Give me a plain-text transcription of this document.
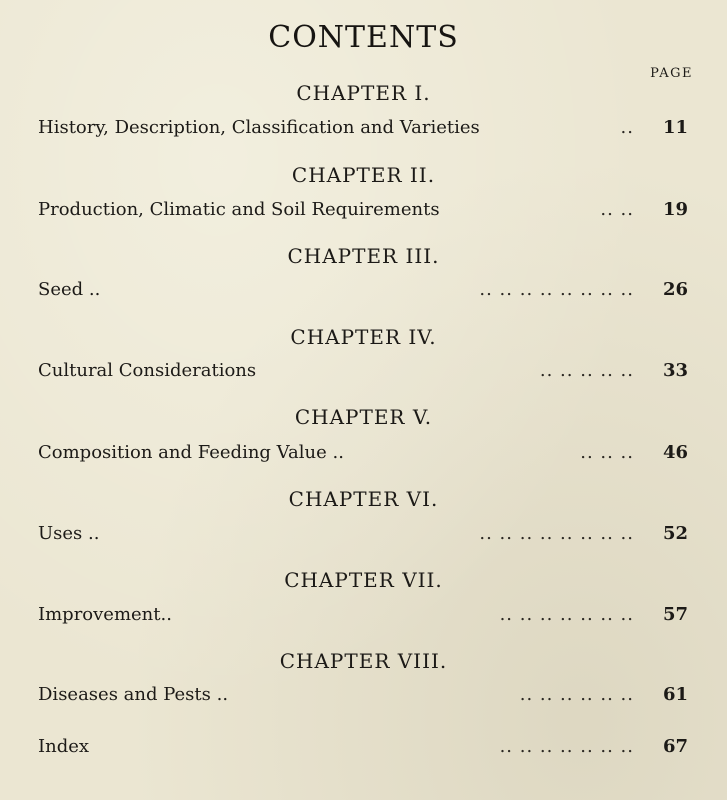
CONTENTS
PAGE
CHAPTER I.
History, Description, Classification and Varieties	.. 11
CHAPTER II.
Production, Climatic and Soil Requirements	.. .. 19
CHAPTER III.
Seed ..	.. .. .. .. .. .. .. .. 26
CHAPTER IV.
Cultural Considerations	.. .. .. .. .. 33
CHAPTER V.
Composition and Feeding Value ..	.. .. .. 46
CHAPTER VI.
Uses ..	.. .. .. .. .. .. .. .. 52
CHAPTER VII.
Improvement..	.. .. .. .. .. .. .. 57
CHAPTER VIII.
Diseases and Pests ..	.. .. .. .. .. .. 61
Index	.. .. .. .. .. .. .. 67
